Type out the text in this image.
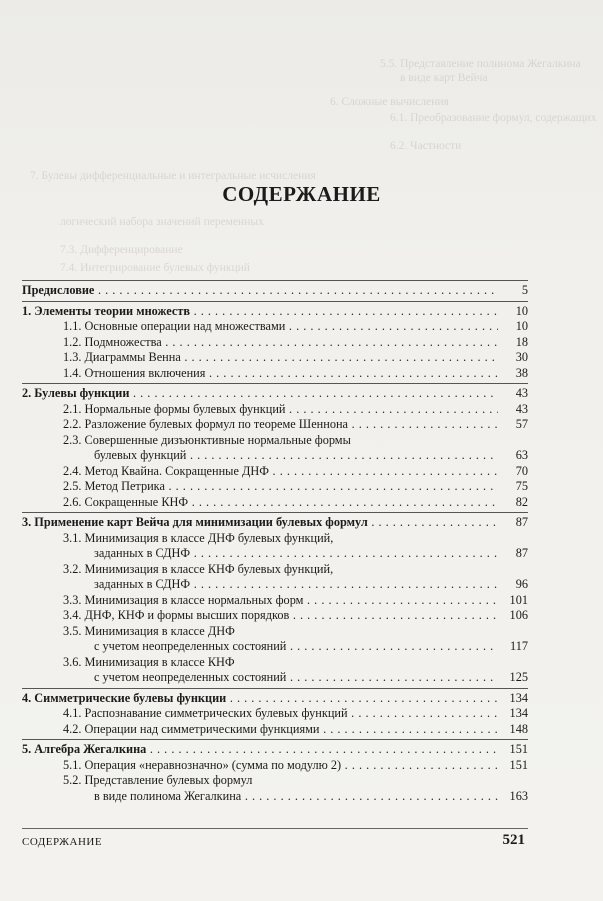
5.5. Представление полинома Жегалкина
в виде карт Вейча
6. Сложные вычисления
6.1. Преобразование формул, содержащих
6.2. Частности
7. Булевы дифференциальные и интегральные исчисления
логический набора значений переменных
7.3. Дифференцирование
7.4. Интегрирование булевых функций
СОДЕРЖАНИЕ
Предисловие . . .	5
1. Элементы теории множеств . . .	10
1.1. Основные операции над множествами . . .	10
1.2. Подмножества . . .	18
1.3. Диаграммы Венна . . .	30
1.4. Отношения включения . . .	38
2. Булевы функции . . .	43
2.1. Нормальные формы булевых функций . . .	43
2.2. Разложение булевых формул по теореме Шеннона . . .	57
2.3. Совершенные дизъюнктивные нормальные формы
булевых функций . . .	63
2.4. Метод Квайна. Сокращенные ДНФ . . .	70
2.5. Метод Петрика . . .	75
2.6. Сокращенные КНФ . . .	82
3. Применение карт Вейча для минимизации булевых формул . . .	87
3.1. Минимизация в классе ДНФ булевых функций,
заданных в СДНФ . . .	87
3.2. Минимизация в классе КНФ булевых функций,
заданных в СДНФ . . .	96
3.3. Минимизация в классе нормальных форм . . .	101
3.4. ДНФ, КНФ и формы высших порядков . . .	106
3.5. Минимизация в классе ДНФ
с учетом неопределенных состояний . . .	117
3.6. Минимизация в классе КНФ
с учетом неопределенных состояний . . .	125
4. Симметрические булевы функции . . .	134
4.1. Распознавание симметрических булевых функций . . .	134
4.2. Операции над симметрическими функциями . . .	148
5. Алгебра Жегалкина . . .	151
5.1. Операция «неравнозначно» (сумма по модулю 2) . . .	151
5.2. Представление булевых формул
в виде полинома Жегалкина . . .	163
СОДЕРЖАНИЕ	521
